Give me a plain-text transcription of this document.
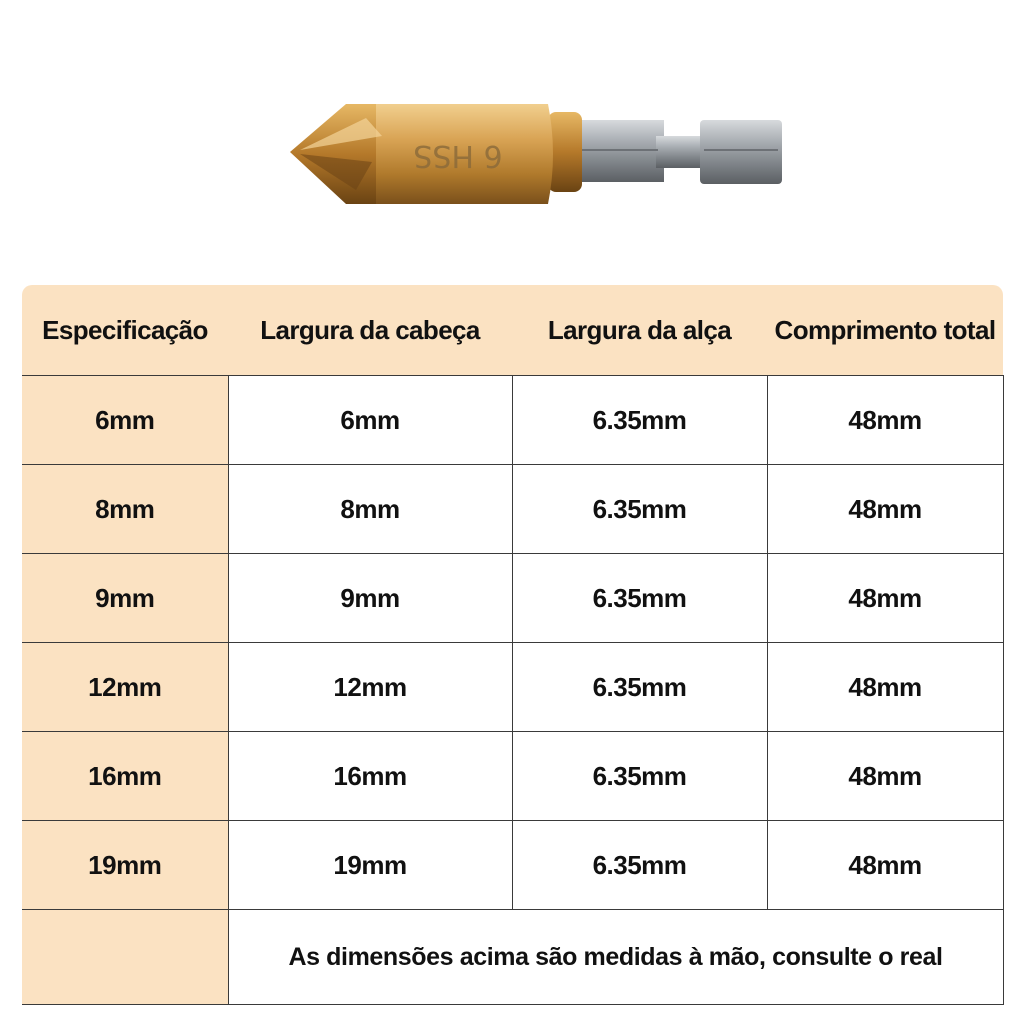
6 HSS
Especificação	Largura da cabeça	Largura da alça	Comprimento total
6mm	6mm	6.35mm	48mm
8mm	8mm	6.35mm	48mm
9mm	9mm	6.35mm	48mm
12mm	12mm	6.35mm	48mm
16mm	16mm	6.35mm	48mm
19mm	19mm	6.35mm	48mm
	As dimensões acima são medidas à mão, consulte o real		
